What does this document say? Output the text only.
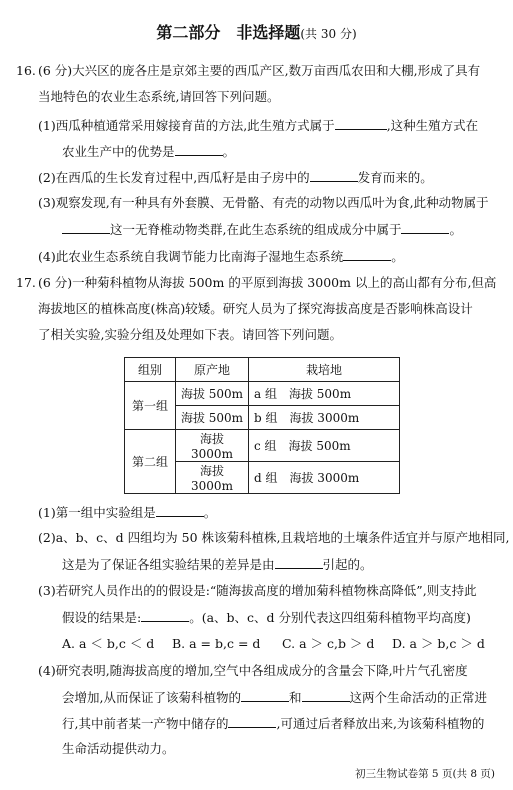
第二部分　非选择题(共 30 分)
16. (6 分)大兴区的庞各庄是京郊主要的西瓜产区,数万亩西瓜农田和大棚,形成了具有
当地特色的农业生态系统,请回答下列问题。
(1)西瓜种植通常采用嫁接育苗的方法,此生殖方式属于	,这种生殖方式在
农业生产中的优势是	。
(2)在西瓜的生长发育过程中,西瓜籽是由子房中的	发育而来的。
(3)观察发现,有一种具有外套膜、无骨骼、有壳的动物以西瓜叶为食,此种动物属于
这一无脊椎动物类群,在此生态系统的组成成分中属于	。
(4)此农业生态系统自我调节能力比南海子湿地生态系统	。
17. (6 分)一种菊科植物从海拔 500m 的平原到海拔 3000m 以上的高山都有分布,但高
海拔地区的植株高度(株高)较矮。研究人员为了探究海拔高度是否影响株高设计
了相关实验,实验分组及处理如下表。请回答下列问题。
组别	原产地	栽培地
第一组	海拔 500m	a 组　海拔 500m
	海拔 500m	b 组　海拔 3000m
第二组	海拔 3000m	c 组　海拔 500m
	海拔 3000m	d 组　海拔 3000m
(1)第一组中实验组是	。
(2)a、b、c、d 四组均为 50 株该菊科植株,且栽培地的土壤条件适宜并与原产地相同,
这是为了保证各组实验结果的差异是由	引起的。
(3)若研究人员作出的的假设是:“随海拔高度的增加菊科植物株高降低”,则支持此
假设的结果是:	。(a、b、c、d 分别代表这四组菊科植物平均高度)
A. a ＜ b,c ＜ d B. a = b,c = d C. a ＞ c,b ＞ d D. a ＞ b,c ＞ d
(4)研究表明,随海拔高度的增加,空气中各组成成分的含量会下降,叶片气孔密度
会增加,从而保证了该菊科植物的	和	这两个生命活动的正常进
行,其中前者某一产物中储存的	,可通过后者释放出来,为该菊科植物的
生命活动提供动力。
初三生物试卷第 5 页(共 8 页)
